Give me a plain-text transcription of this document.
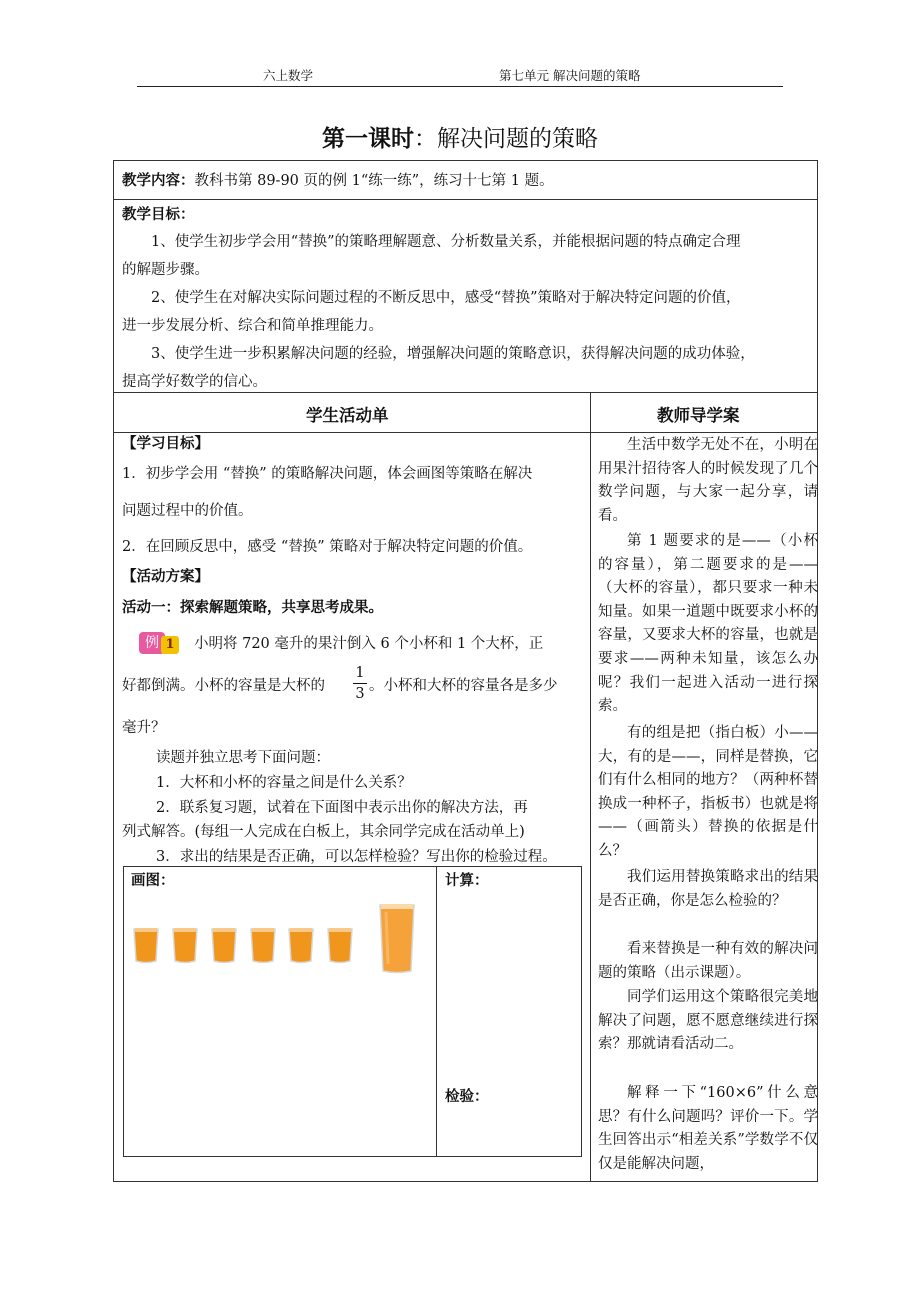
六上数学	第七单元 解决问题的策略
第一课时：解决问题的策略
教学内容：教科书第 89-90 页的例 1“练一练”，练习十七第 1 题。
教学目标：
1、使学生初步学会用“替换”的策略理解题意、分析数量关系，并能根据问题的特点确定合理
的解题步骤。
2、使学生在对解决实际问题过程的不断反思中，感受“替换”策略对于解决特定问题的价值，
进一步发展分析、综合和简单推理能力。
3、使学生进一步积累解决问题的经验，增强解决问题的策略意识，获得解决问题的成功体验，
提高学好数学的信心。
学生活动单	教师导学案
【学习目标】
1．初步学会用 “替换” 的策略解决问题，体会画图等策略在解决
问题过程中的价值。
2．在回顾反思中，感受 “替换” 策略对于解决特定问题的价值。
【活动方案】
活动一：探索解题策略，共享思考成果。
例 1	小明将 720 毫升的果汁倒入 6 个小杯和 1 个大杯，正
好都倒满。小杯的容量是大杯的
1
3 。小杯和大杯的容量各是多少
毫升？
读题并独立思考下面问题：
1．大杯和小杯的容量之间是什么关系？
2．联系复习题，试着在下面图中表示出你的解决方法，再
列式解答。(每组一人完成在白板上，其余同学完成在活动单上)
3．求出的结果是否正确，可以怎样检验？写出你的检验过程。
画图：	计算：
检验：

生活中数学无处不在，小明在用果汁招待客人的时候发现了几个数学问题，与大家一起分享，请看。

第 1 题要求的是——（小杯的容量），第二题要求的是——（大杯的容量），都只要求一种未知量。如果一道题中既要求小杯的容量，又要求大杯的容量，也就是要求——两种未知量，该怎么办呢？我们一起进入活动一进行探索。

有的组是把（指白板）小——大，有的是——，同样是替换，它们有什么相同的地方？（两种杯替换成一种杯子，指板书）也就是将——（画箭头）替换的依据是什么？

我们运用替换策略求出的结果是否正确，你是怎么检验的？

看来替换是一种有效的解决问题的策略（出示课题）。

同学们运用这个策略很完美地解决了问题，愿不愿意继续进行探索？那就请看活动二。

解释一下“160×6”什么意思？有什么问题吗？评价一下。学生回答出示“相差关系”学数学不仅仅是能解决问题，
